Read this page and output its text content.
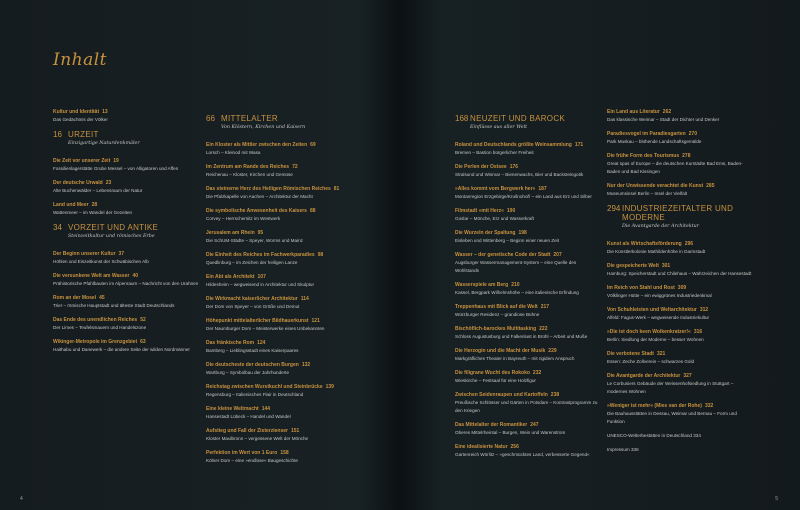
Inhalt
Kultur und Identität 13
Das Gedächtnis der Völker
16 URZEIT
Einzigartige Naturdenkmäler
Die Zeit vor unserer Zeit 19
Fossilienlagerstätte Grube Messel – von Alligatoren und Affen
Der deutsche Urwald 23
Alte Buchenwälder – Lebensraum der Natur
Land und Meer 28
Wattenmeer – im Wandel der Gezeiten
34 VORZEIT UND ANTIKE
Steinzeitkultur und römisches Erbe
Der Beginn unserer Kultur 37
Höhlen und Eiszeitkunst der Schwäbischen Alb
Die versunkene Welt am Wasser 40
Prähistorische Pfahlbauten im Alpenraum – Nachricht von den Urahnen
Rom an der Mosel 45
Trier – römische Hauptstadt und älteste Stadt Deutschlands
Das Ende des unendlichen Reiches 52
Der Limes – Teufelsmauern und Handelszone
Wikinger-Metropole im Grenzgebiet 63
Haithabu und Danewerk – die andere Seite der wilden Nordmänner
66 MITTELALTER
Von Klöstern, Kirchen und Kaisern
Ein Kloster als Mittler zwischen den Zeiten 69
Lorsch – Kleinod mit Wasa
Im Zentrum am Rande des Reiches 72
Reichenau – Kloster, Kirchen und Gemüse
Das steinerne Herz des Heiligen Römischen Reiches 81
Die Pfalzkapelle von Aachen – Architektur der Macht
Die symbolische Anwesenheit des Kaisers 88
Corvey – Herrschersitz im Westwerk
Jerusalem am Rhein 95
Die SchUM-Städte – Speyer, Worms und Mainz
Die Einheit des Reiches im Fachwerkparadies 98
Quedlinburg – im Zeichen der heiligen Lanze
Ein Abt als Architekt 107
Hildesheim – wegweisend in Architektur und Skulptur
Die Wirkmacht kaiserlicher Architektur 114
Der Dom von Speyer – von Größe und Demut
Höhepunkt mittelalterlicher Bildhauerkunst 121
Der Naumburger Dom – Meisterwerke eines Unbekannten
Das fränkische Rom 124
Bamberg – Lieblingsstadt eines Kaiserpaares
Die deutscheste der deutschen Burgen 132
Wartburg – Symbolbau der Jahrhunderte
Reichstag zwischen Wurstkuchl und Steinbrücke 139
Regensburg – Italienisches Flair in Deutschland
Eine kleine Weltmacht 144
Hansestadt Lübeck – Handel und Wandel
Aufstieg und Fall der Zisterzienser 151
Kloster Maulbronn – vergessene Welt der Mönche
Perfektion im Wert von 1 Euro 158
Kölner Dom – eine »endlose« Baugeschichte
168 NEUZEIT UND BAROCK
Einflüsse aus aller Welt
Roland und Deutschlands größte Weinsammlung 171
Bremen – Bastion bürgerlicher Freiheit
Die Perlen der Ostsee 176
Stralsund und Wismar – Bienenwachs, Bier und Backsteingotik
»Alles kommt vom Bergwerk her« 187
Montanregion Erzgebirge/Krušnohoří – ein Land aus Erz und Silber
Filmstadt »mit Herz« 190
Goslar – Mönche, Erz und Wasserkraft
Die Wurzeln der Spaltung 198
Eisleben und Wittenberg – Beginn einer neuen Zeit
Wasser – der genetische Code der Stadt 207
Augsburger Wassermanagement-System – eine Quelle des Wohlstands
Wasserspiele am Berg 210
Kassel, Bergpark Wilhelmshöhe – eine italienische Erfindung
Treppenhaus mit Blick auf die Welt 217
Würzburger Residenz – grandiose Bühne
Bischöflich-barockes Multitasking 222
Schloss Augustusburg und Falkenlust in Brühl – Arbeit und Muße
Die Herzogin und die Macht der Musik 229
Markgräfliches Theater in Bayreuth – mit rigidem Anspruch
Die filigrane Wucht des Rokoko 232
Wieskirche – Festsaal für eine Holzfigur
Zwischen Seidenraupen und Kartoffeln 238
Preußische Schlösser und Gärten in Potsdam – Kontrastprogramm zu den Kriegen
Das Mittelalter der Romantiker 247
Oberes Mittelrheintal – Burgen, Wein und Warenstrom
Eine idealisierte Natur 256
Gartenreich Wörlitz – »geschmücktes Land, verbesserte Gegend«
Ein Land aus Literatur 262
Das klassische Weimar – Stadt der Dichter und Denker
Paradiesvogel im Paradiesgarten 270
Park Muskau – blühende Landschaftsgemälde
Die frühe Form des Tourismus 278
Great spas of Europe – die deutschen Kurstädte Bad Ems, Baden-Baden und Bad Kissingen
Nur der Unwissende verachtet die Kunst 285
Museumsinsel Berlin – Insel der Vielfalt
294 INDUSTRIEZEITALTER UND MODERNE
Die Avantgarde der Architektur
Kunst als Wirtschaftsförderung 296
Die Künstlerkolonie Mathildenhöhe in Darmstadt
Die gespeicherte Welt 301
Hamburg: Speicherstadt und Chilehaus – Wahrzeichen der Hansestadt
Im Reich von Stahl und Rost 309
Völklinger Hütte – ein ewiggrünes Industriedenkmal
Von Schuhleisten und Weltarchitektur 312
Alfeld: Fagus-Werk – wegweisende Industriekultur
»Die ist doch keen Wolkenkratzer!« 316
Berlin: Siedlung der Moderne – besser Wohnen
Die verbotene Stadt 321
Essen: Zeche Zollverein – schwarzes Gold
Die Avantgarde der Architektur 327
Le Corbusiers Gebäude der Weissenhofsiedlung in Stuttgart – modernes Wohnen
»Weniger ist mehr« (Mies van der Rohe) 332
Die Bauhausstätten in Dessau, Weimar und Bernau – Form und Funktion
UNESCO-Welterbestätten in Deutschland 334
Impressum 336
4	5
